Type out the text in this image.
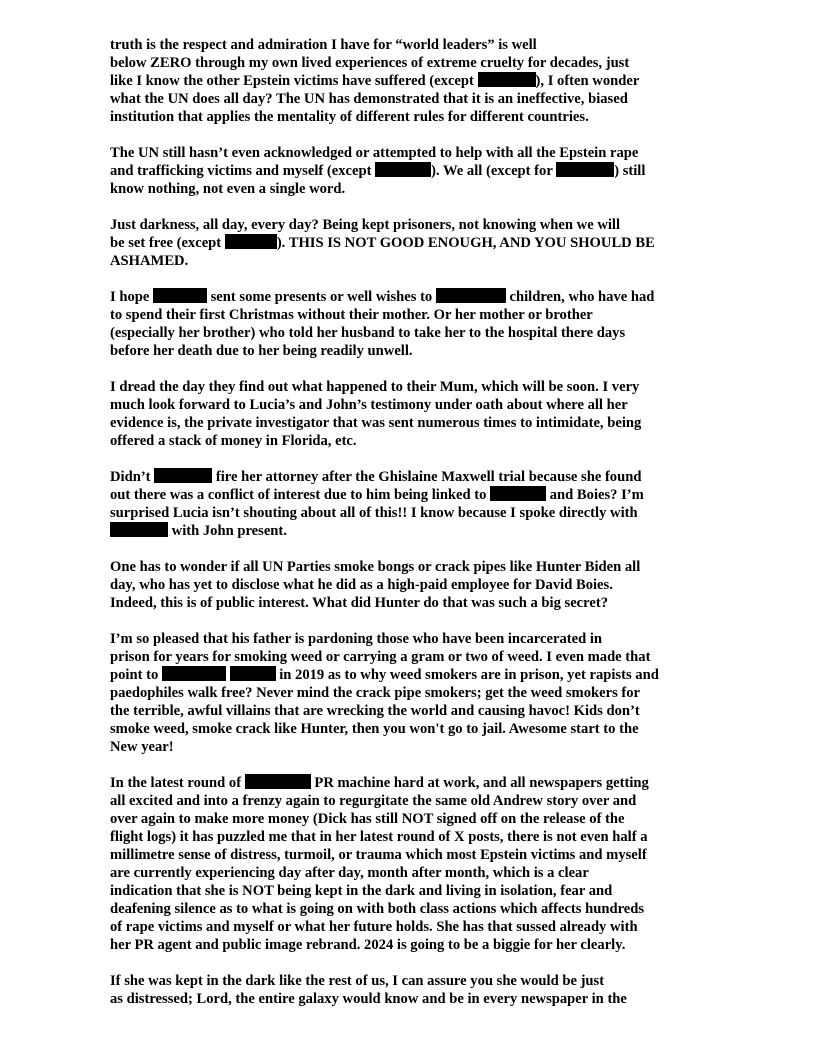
truth is the respect and admiration I have for “world leaders” is well
below ZERO through my own lived experiences of extreme cruelty for decades, just
like I know the other Epstein victims have suffered (except	), I often wonder
what the UN does all day? The UN has demonstrated that it is an ineffective, biased
institution that applies the mentality of different rules for different countries.
The UN still hasn’t even acknowledged or attempted to help with all the Epstein rape
and trafficking victims and myself (except	). We all (except for	) still
know nothing, not even a single word.
Just darkness, all day, every day? Being kept prisoners, not knowing when we will
be set free (except	). THIS IS NOT GOOD ENOUGH, AND YOU SHOULD BE
ASHAMED.
I hope	sent some presents or well wishes to	children, who have had
to spend their first Christmas without their mother. Or her mother or brother
(especially her brother) who told her husband to take her to the hospital there days
before her death due to her being readily unwell.
I dread the day they find out what happened to their Mum, which will be soon. I very
much look forward to Lucia’s and John’s testimony under oath about where all her
evidence is, the private investigator that was sent numerous times to intimidate, being
offered a stack of money in Florida, etc.
Didn’t	fire her attorney after the Ghislaine Maxwell trial because she found
out there was a conflict of interest due to him being linked to	and Boies? I’m
surprised Lucia isn’t shouting about all of this!! I know because I spoke directly with
with John present.
One has to wonder if all UN Parties smoke bongs or crack pipes like Hunter Biden all
day, who has yet to disclose what he did as a high-paid employee for David Boies.
Indeed, this is of public interest. What did Hunter do that was such a big secret?
I’m so pleased that his father is pardoning those who have been incarcerated in
prison for years for smoking weed or carrying a gram or two of weed. I even made that
point to	in 2019 as to why weed smokers are in prison, yet rapists and
paedophiles walk free? Never mind the crack pipe smokers; get the weed smokers for
the terrible, awful villains that are wrecking the world and causing havoc! Kids don’t
smoke weed, smoke crack like Hunter, then you won't go to jail. Awesome start to the
New year!
In the latest round of	PR machine hard at work, and all newspapers getting
all excited and into a frenzy again to regurgitate the same old Andrew story over and
over again to make more money (Dick has still NOT signed off on the release of the
flight logs) it has puzzled me that in her latest round of X posts, there is not even half a
millimetre sense of distress, turmoil, or trauma which most Epstein victims and myself
are currently experiencing day after day, month after month, which is a clear
indication that she is NOT being kept in the dark and living in isolation, fear and
deafening silence as to what is going on with both class actions which affects hundreds
of rape victims and myself or what her future holds. She has that sussed already with
her PR agent and public image rebrand. 2024 is going to be a biggie for her clearly.
If she was kept in the dark like the rest of us, I can assure you she would be just
as distressed; Lord, the entire galaxy would know and be in every newspaper in the
